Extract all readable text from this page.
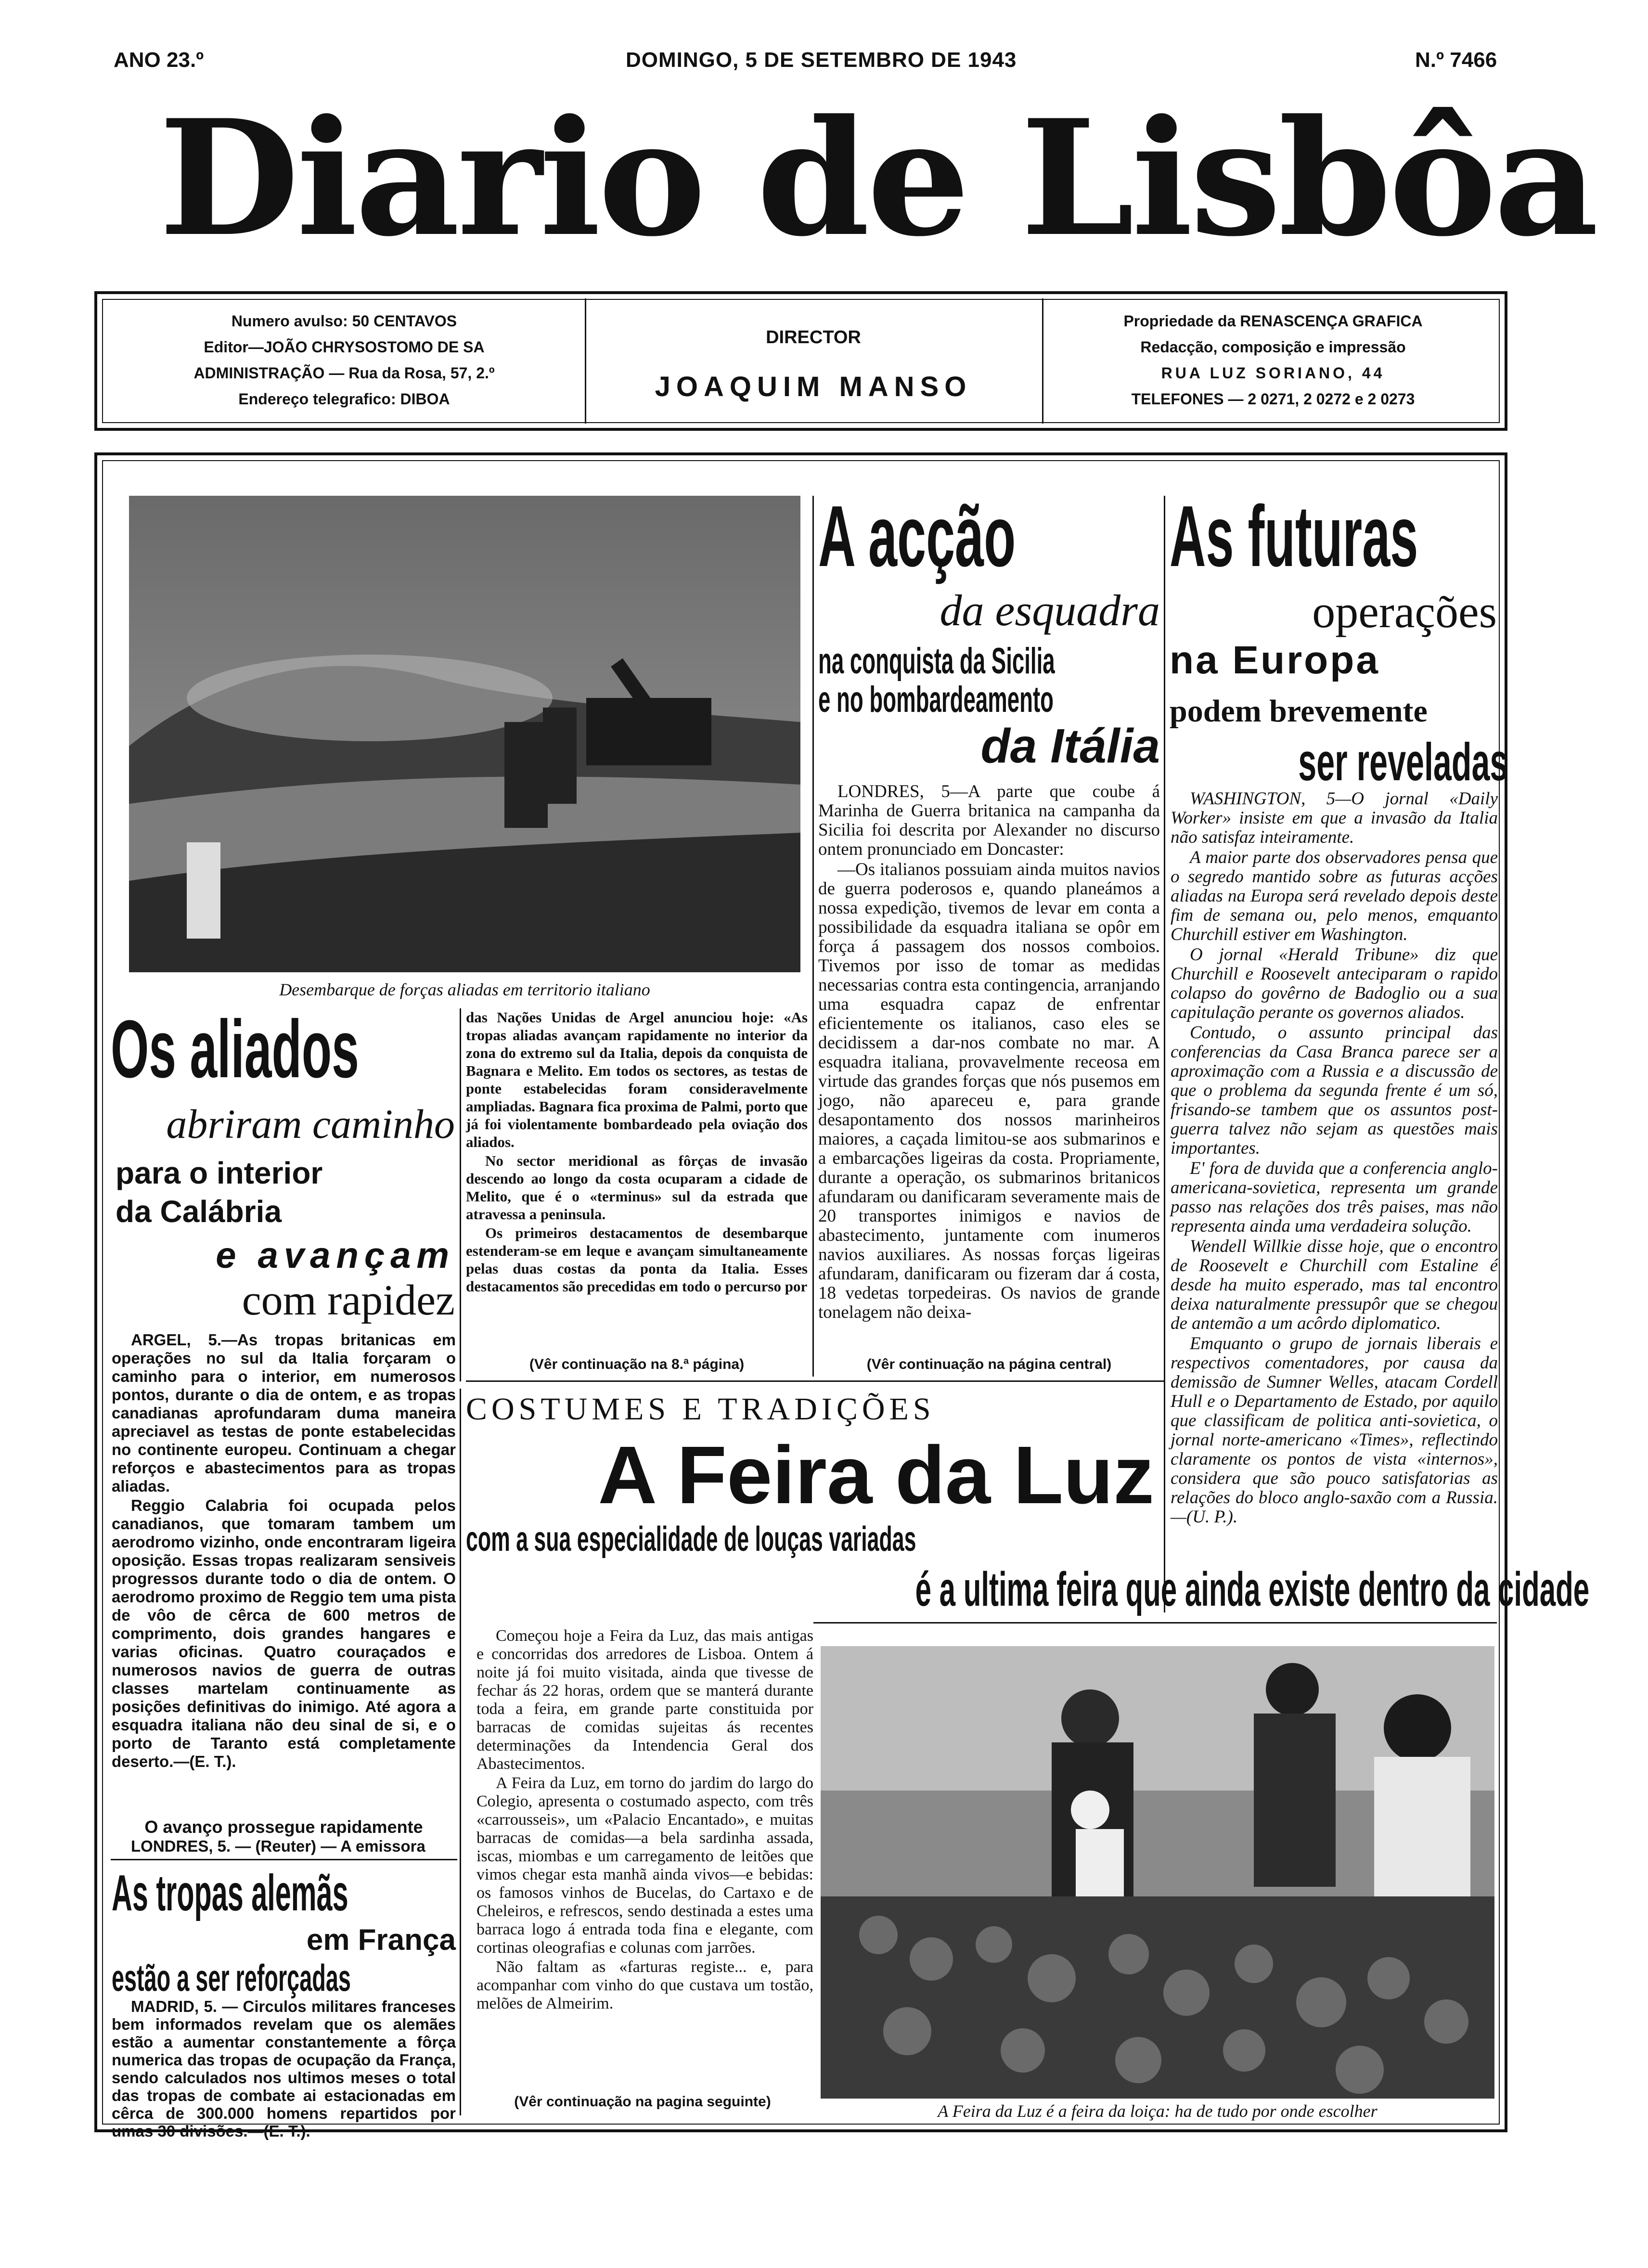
ANO 23.º	DOMINGO, 5 DE SETEMBRO DE 1943	N.º 7466
Diario de Lisbôa
Numero avulso: 50 CENTAVOS
Editor—JOÃO CHRYSOSTOMO DE SA
ADMINISTRAÇÃO — Rua da Rosa, 57, 2.º
Endereço telegrafico: DIBOA
DIRECTOR
JOAQUIM MANSO
Propriedade da RENASCENÇA GRAFICA
Redacção, composição e impressão
RUA LUZ SORIANO, 44
TELEFONES — 2 0271, 2 0272 e 2 0273
Desembarque de forças aliadas em territorio italiano
A acção
da esquadra
na conquista da Sicilia
e no bombardeamento
da Itália

LONDRES, 5—A parte que coube á Marinha de Guerra britanica na campanha da Sicilia foi descrita por Alexander no discurso ontem pronunciado em Doncaster:

—Os italianos possuiam ainda muitos navios de guerra poderosos e, quando planeámos a nossa expedição, tivemos de levar em conta a possibilidade da esquadra italiana se opôr em força á passagem dos nossos comboios. Tivemos por isso de tomar as medidas necessarias contra esta contingencia, arranjando uma esquadra capaz de enfrentar eficientemente os italianos, caso eles se decidissem a dar-nos combate no mar. A esquadra italiana, provavelmente receosa em virtude das grandes forças que nós pusemos em jogo, não apareceu e, para grande desapontamento dos nossos marinheiros maiores, a caçada limitou-se aos submarinos e a embarcações ligeiras da costa. Propriamente, durante a operação, os submarinos britanicos afundaram ou danificaram severamente mais de 20 transportes inimigos e navios de abastecimento, juntamente com inumeros navios auxiliares. As nossas forças ligeiras afundaram, danificaram ou fizeram dar á costa, 18 vedetas torpedeiras. Os navios de grande tonelagem não deixa-

(Vêr continuação na página central)
As futuras
operações
na Europa
podem brevemente
ser reveladas

WASHINGTON, 5—O jornal «Daily Worker» insiste em que a invasão da Italia não satisfaz inteiramente.

A maior parte dos observadores pensa que o segredo mantido sobre as futuras acções aliadas na Europa será revelado depois deste fim de semana ou, pelo menos, emquanto Churchill estiver em Washington.

O jornal «Herald Tribune» diz que Churchill e Roosevelt anteciparam o rapido colapso do govêrno de Badoglio ou a sua capitulação perante os governos aliados.

Contudo, o assunto principal das conferencias da Casa Branca parece ser a aproximação com a Russia e a discussão de que o problema da segunda frente é um só, frisando-se tambem que os assuntos post-guerra talvez não sejam as questões mais importantes.

E' fora de duvida que a conferencia anglo-americana-sovietica, representa um grande passo nas relações dos três paises, mas não representa ainda uma verdadeira solução.

Wendell Willkie disse hoje, que o encontro de Roosevelt e Churchill com Estaline é desde ha muito esperado, mas tal encontro deixa naturalmente pressupôr que se chegou de antemão a um acôrdo diplomatico.

Emquanto o grupo de jornais liberais e respectivos comentadores, por causa da demissão de Sumner Welles, atacam Cordell Hull e o Departamento de Estado, por aquilo que classificam de politica anti-sovietica, o jornal norte-americano «Times», reflectindo claramente os pontos de vista «internos», considera que são pouco satisfatorias as relações do bloco anglo-saxão com a Russia.—(U. P.).

Os aliados
abriram caminho
para o interior
da Calábria
e avançam
com rapidez

ARGEL, 5.—As tropas britanicas em operações no sul da Italia forçaram o caminho para o interior, em numerosos pontos, durante o dia de ontem, e as tropas canadianas aprofundaram duma maneira apreciavel as testas de ponte estabelecidas no continente europeu. Continuam a chegar reforços e abastecimentos para as tropas aliadas.

Reggio Calabria foi ocupada pelos canadianos, que tomaram tambem um aerodromo vizinho, onde encontraram ligeira oposição. Essas tropas realizaram sensiveis progressos durante todo o dia de ontem. O aerodromo proximo de Reggio tem uma pista de vôo de cêrca de 600 metros de comprimento, dois grandes hangares e varias oficinas. Quatro couraçados e numerosos navios de guerra de outras classes martelam continuamente as posições definitivas do inimigo. Até agora a esquadra italiana não deu sinal de si, e o porto de Taranto está completamente deserto.—(E. T.).

O avanço prossegue rapidamente
LONDRES, 5. — (Reuter) — A emissora

das Nações Unidas de Argel anunciou hoje: «As tropas aliadas avançam rapidamente no interior da zona do extremo sul da Italia, depois da conquista de Bagnara e Melito. Em todos os sectores, as testas de ponte estabelecidas foram consideravelmente ampliadas. Bagnara fica proxima de Palmi, porto que já foi violentamente bombardeado pela oviação dos aliados.

No sector meridional as fôrças de invasão descendo ao longo da costa ocuparam a cidade de Melito, que é o «terminus» sul da estrada que atravessa a peninsula.

Os primeiros destacamentos de desembarque estenderam-se em leque e avançam simultaneamente pelas duas costas da ponta da Italia. Esses destacamentos são precedidas em todo o percurso por

(Vêr continuação na 8.ª página)
As tropas alemãs
em França
estão a ser reforçadas
MADRID, 5. — Circulos militares franceses bem informados revelam que os alemães estão a aumentar constantemente a fôrça numerica das tropas de ocupação da França, sendo calculados nos ultimos meses o total das tropas de combate ai estacionadas em cêrca de 300.000 homens repartidos por umas 30 divisões.—(E. T.).
COSTUMES E TRADIÇÕES
A Feira da Luz
com a sua especialidade de louças variadas
é a ultima feira que ainda existe dentro da cidade

Começou hoje a Feira da Luz, das mais antigas e concorridas dos arredores de Lisboa. Ontem á noite já foi muito visitada, ainda que tivesse de fechar ás 22 horas, ordem que se manterá durante toda a feira, em grande parte constituida por barracas de comidas sujeitas ás recentes determinações da Intendencia Geral dos Abastecimentos.

A Feira da Luz, em torno do jardim do largo do Colegio, apresenta o costumado aspecto, com três «carrousseis», um «Palacio Encantado», e muitas barracas de comidas—a bela sardinha assada, iscas, miombas e um carregamento de leitões que vimos chegar esta manhã ainda vivos—e bebidas: os famosos vinhos de Bucelas, do Cartaxo e de Cheleiros, e refrescos, sendo destinada a estes uma barraca logo á entrada toda fina e elegante, com cortinas oleografias e colunas com jarrões.

Não faltam as «farturas registe... e, para acompanhar com vinho do que custava um tostão, melões de Almeirim.

(Vêr continuação na pagina seguinte)	A Feira da Luz é a feira da loiça: ha de tudo por onde escolher
